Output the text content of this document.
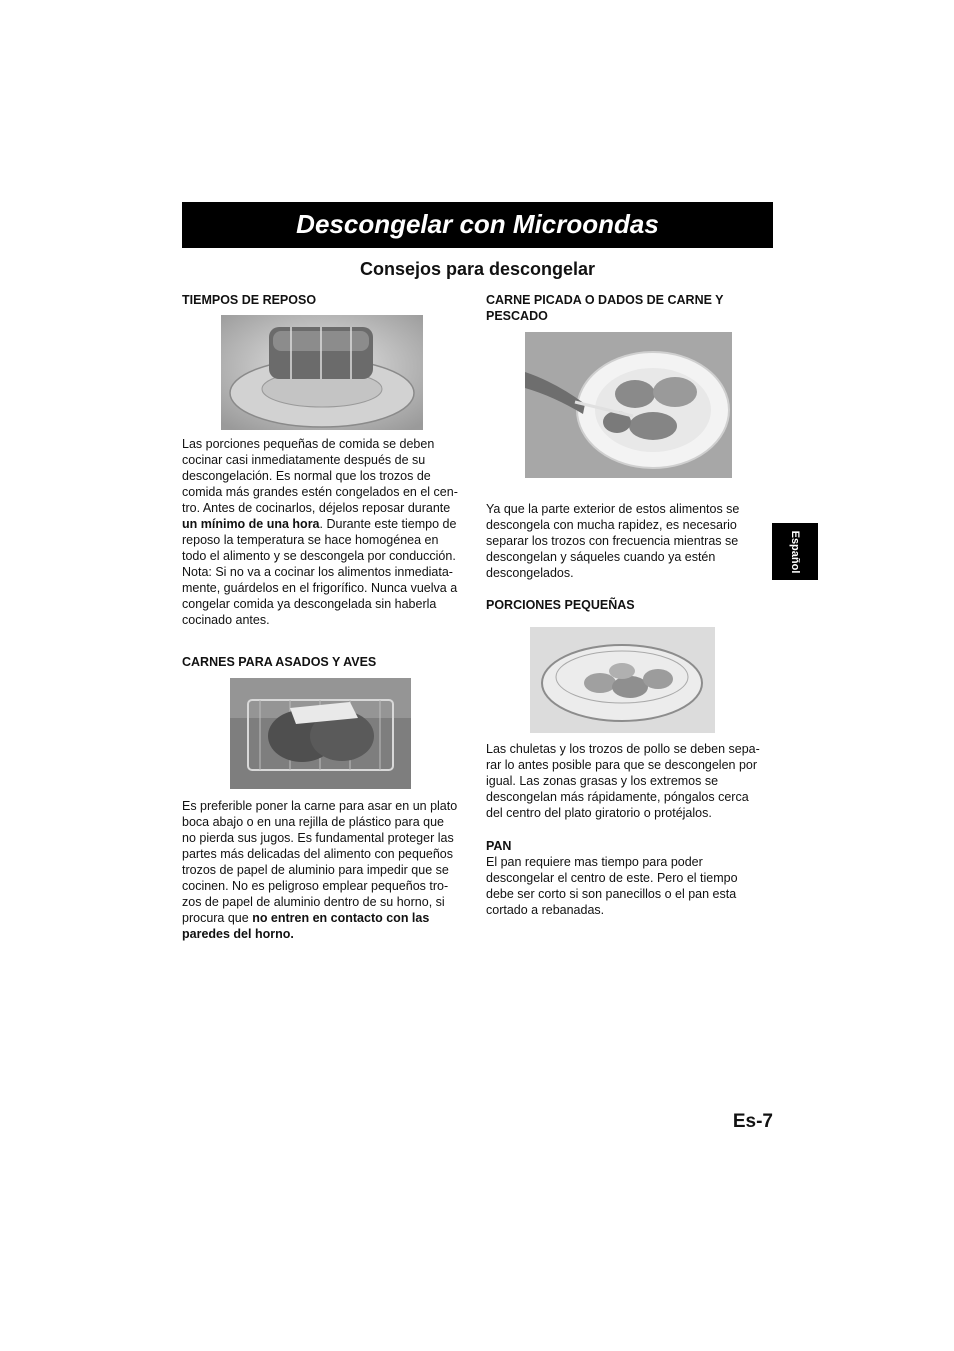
Descongelar con Microondas
Consejos para descongelar
TIEMPOS DE REPOSO
Las porciones pequeñas de comida se deben
cocinar casi inmediatamente después de su
descongelación. Es normal que los trozos de
comida más grandes estén congelados en el cen-
tro. Antes de cocinarlos, déjelos reposar durante
un mínimo de una hora. Durante este tiempo de
reposo la temperatura se hace homogénea en
todo el alimento y se descongela por conducción.
Nota: Si no va a cocinar los alimentos inmediata-
mente, guárdelos en el frigorífico. Nunca vuelva a
congelar comida ya descongelada sin haberla
cocinado antes.
CARNES PARA ASADOS Y AVES
Es preferible poner la carne para asar en un plato
boca abajo o en una rejilla de plástico para que
no pierda sus jugos. Es fundamental proteger las
partes más delicadas del alimento con pequeños
trozos de papel de aluminio para impedir que se
cocinen. No es peligroso emplear pequeños tro-
zos de papel de aluminio dentro de su horno, si
procura que no entren en contacto con las
paredes del horno.
CARNE PICADA O DADOS DE CARNE Y
PESCADO
Ya que la parte exterior de estos alimentos se
descongela con mucha rapidez, es necesario
separar los trozos con frecuencia mientras se
descongelan y sáqueles cuando ya estén
descongelados.
PORCIONES PEQUEÑAS
Las chuletas y los trozos de pollo se deben sepa-
rar lo antes posible para que se descongelen por
igual. Las zonas grasas y los extremos se
descongelan más rápidamente, póngalos cerca
del centro del plato giratorio o protéjalos.
PAN
El pan requiere mas tiempo para poder
descongelar el centro de este. Pero el tiempo
debe ser corto si son panecillos o el pan esta
cortado a rebanadas.
Español
Es-7
